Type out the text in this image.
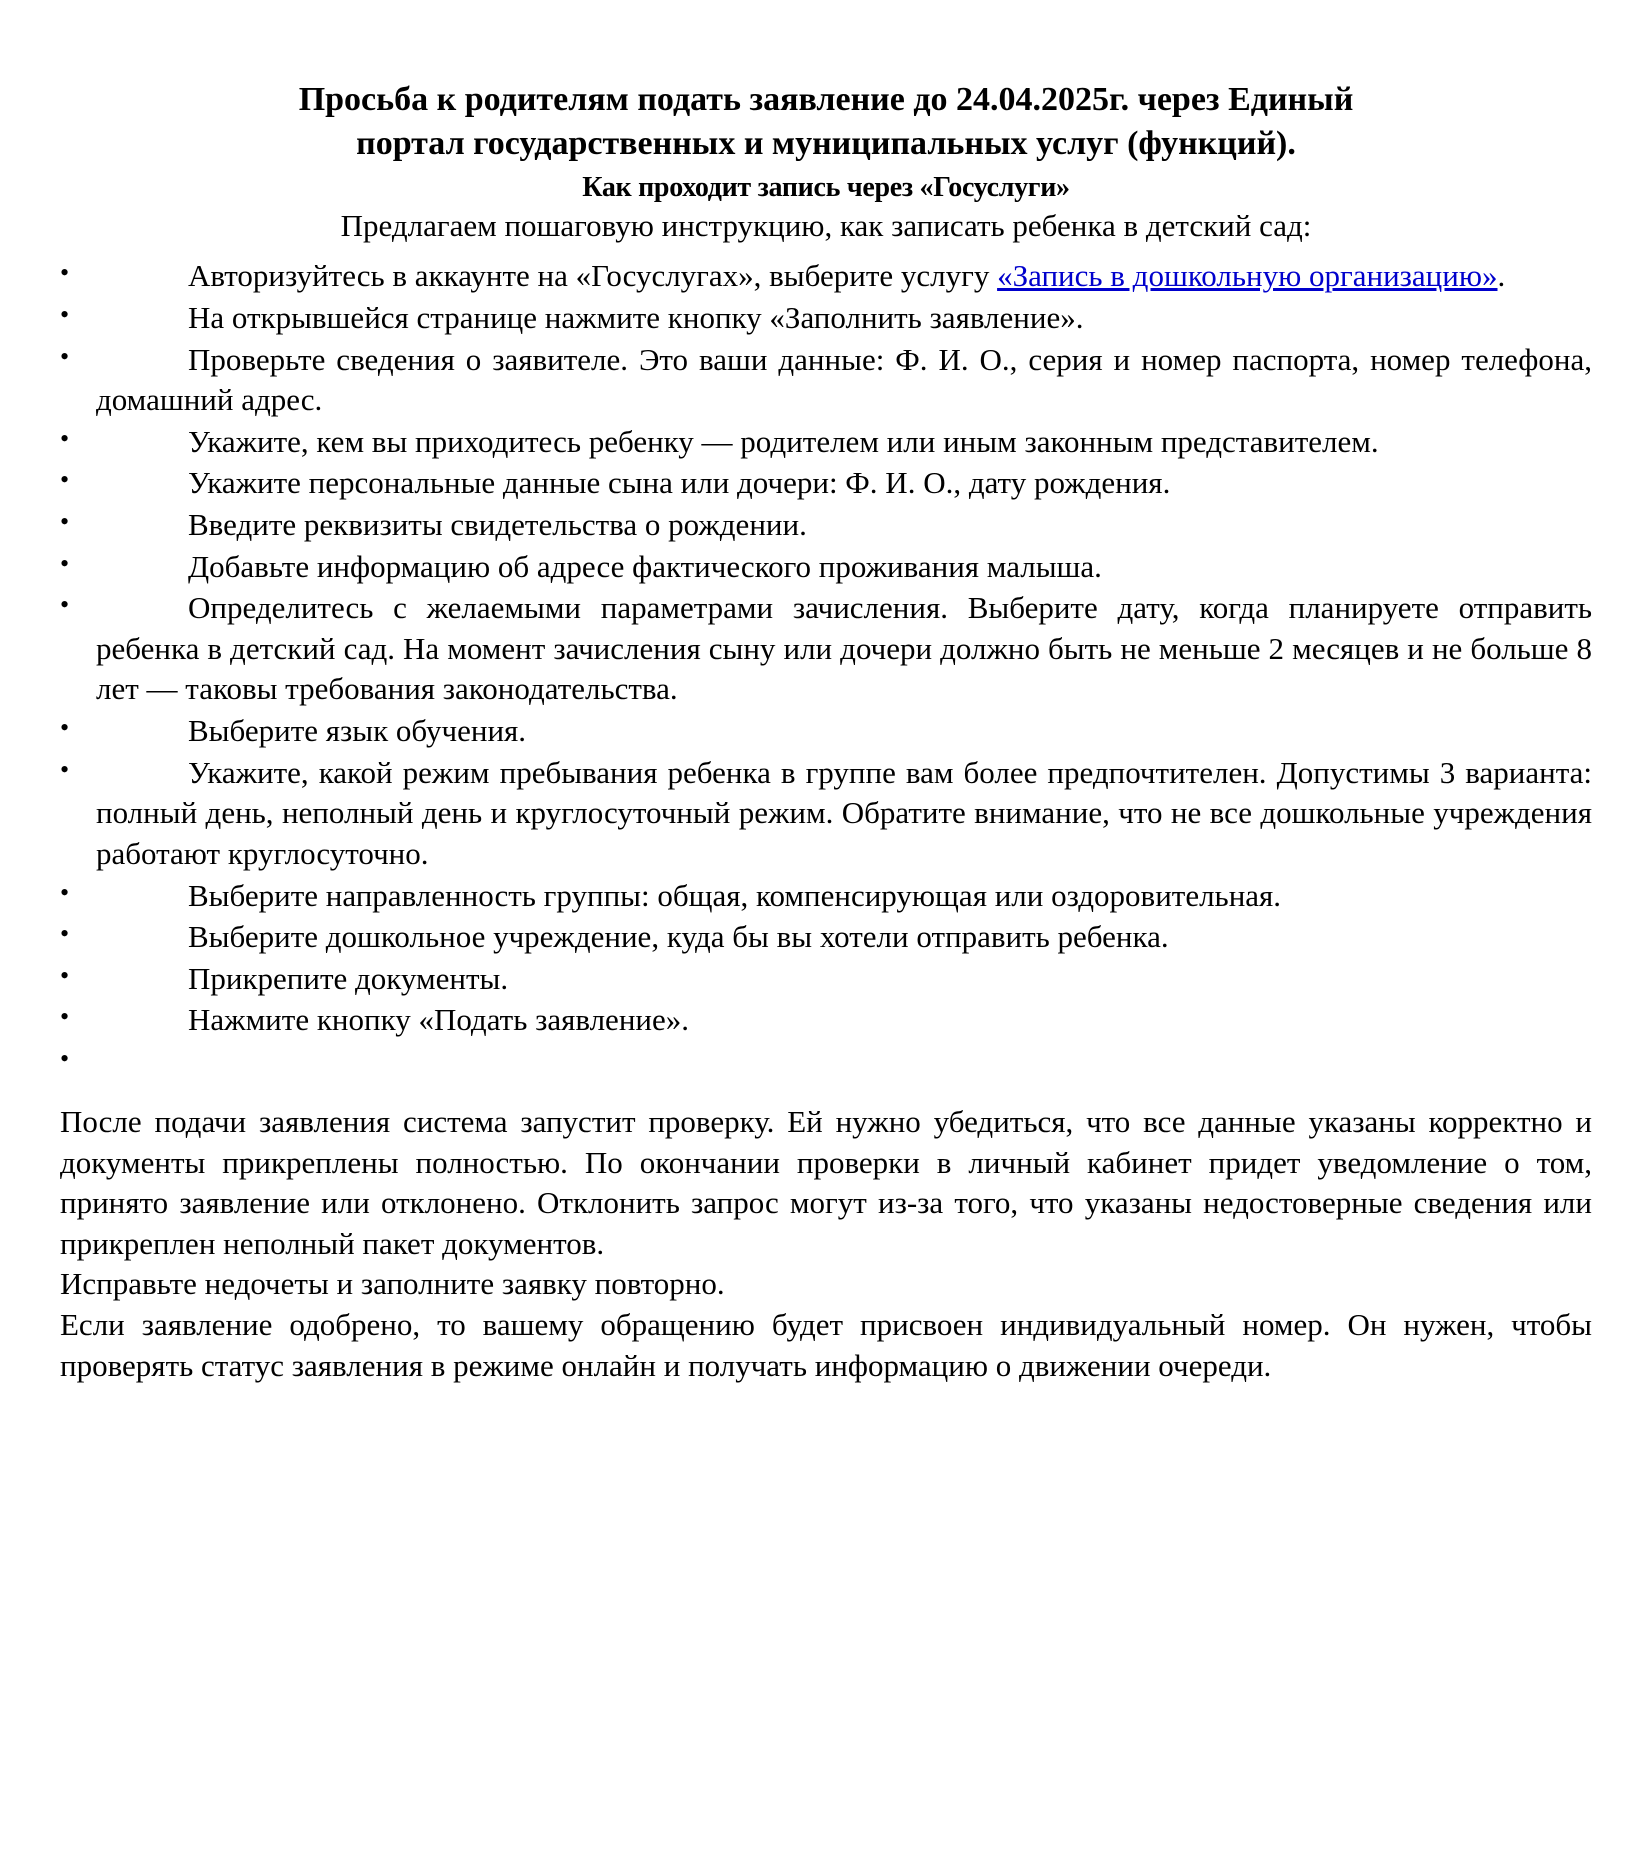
Просьба к родителям подать заявление до 24.04.2025г. через Единый
портал государственных и муниципальных услуг (функций).
Как проходит запись через «Госуслуги»
Предлагаем пошаговую инструкцию, как записать ребенка в детский сад:
• Авторизуйтесь в аккаунте на «Госуслугах», выберите услугу «Запись в дошкольную организацию».
• На открывшейся странице нажмите кнопку «Заполнить заявление».
• Проверьте сведения о заявителе. Это ваши данные: Ф. И. О., серия и номер паспорта, номер телефона, домашний адрес.
• Укажите, кем вы приходитесь ребенку — родителем или иным законным представителем.
• Укажите персональные данные сына или дочери: Ф. И. О., дату рождения.
• Введите реквизиты свидетельства о рождении.
• Добавьте информацию об адресе фактического проживания малыша.
• Определитесь с желаемыми параметрами зачисления. Выберите дату, когда планируете отправить ребенка в детский сад. На момент зачисления сыну или дочери должно быть не меньше 2 месяцев и не больше 8 лет — таковы требования законодательства.
• Выберите язык обучения.
• Укажите, какой режим пребывания ребенка в группе вам более предпочтителен. Допустимы 3 варианта: полный день, неполный день и круглосуточный режим. Обратите внимание, что не все дошкольные учреждения работают круглосуточно.
• Выберите направленность группы: общая, компенсирующая или оздоровительная.
• Выберите дошкольное учреждение, куда бы вы хотели отправить ребенка.
• Прикрепите документы.
• Нажмите кнопку «Подать заявление».
•

После подачи заявления система запустит проверку. Ей нужно убедиться, что все данные указаны корректно и документы прикреплены полностью. По окончании проверки в личный кабинет придет уведомление о том, принято заявление или отклонено. Отклонить запрос могут из-за того, что указаны недостоверные сведения или прикреплен неполный пакет документов.

Исправьте недочеты и заполните заявку повторно.

Если заявление одобрено, то вашему обращению будет присвоен индивидуальный номер. Он нужен, чтобы проверять статус заявления в режиме онлайн и получать информацию о движении очереди.
